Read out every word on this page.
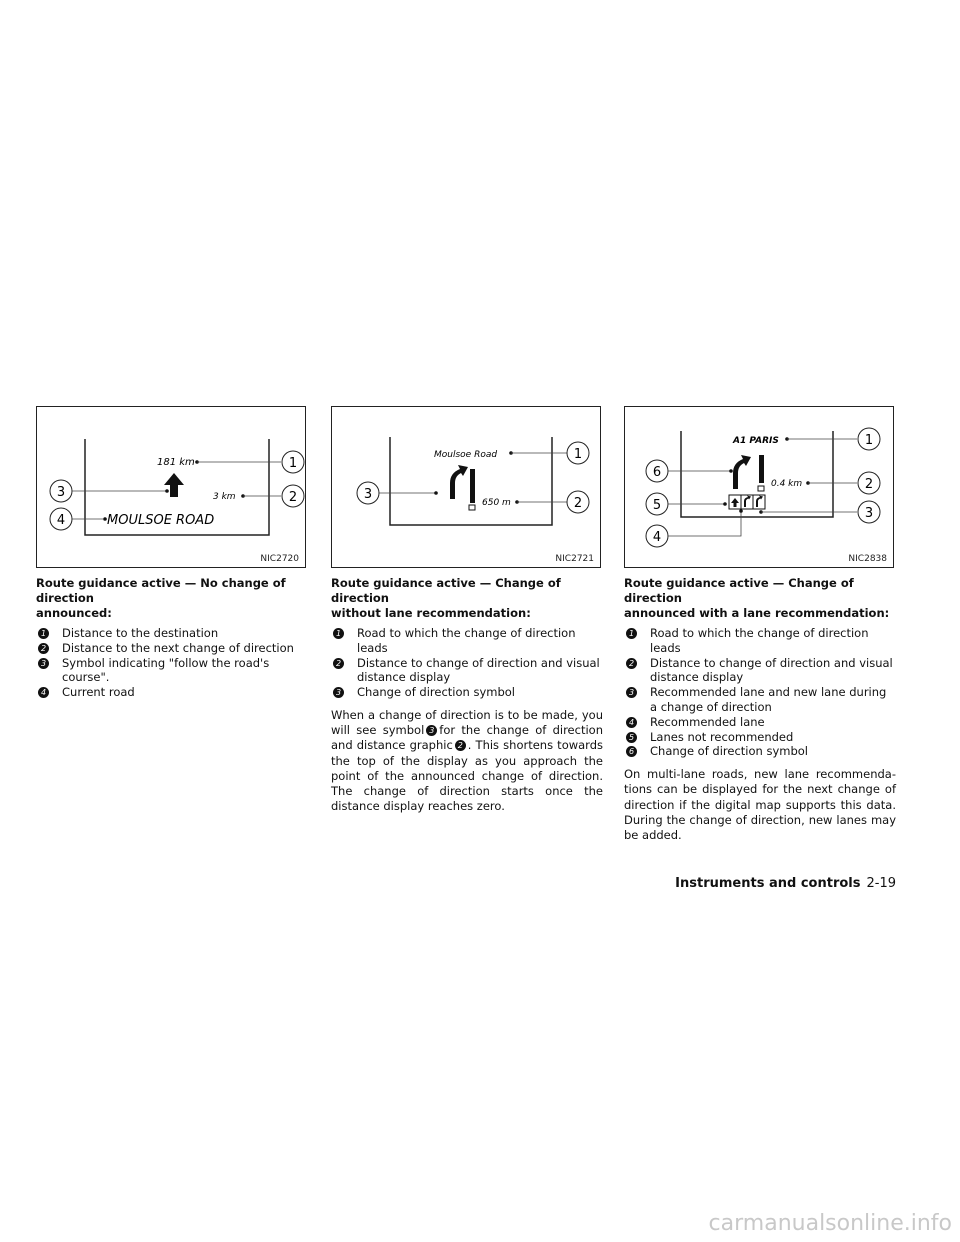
181 km	1
3 km	2
3
4	MOULSOE ROAD
NIC2720
Moulsoe Road	1
650 m	2
3
NIC2721
A1 PARIS	1
0.4 km	2
3
6
5
4
NIC2838
Route guidance active — No change of direction
announced:
1 Distance to the destination
2 Distance to the next change of direction
3 Symbol indicating "follow the road's course".
4 Current road
Route guidance active — Change of direction
without lane recommendation:
1 Road to which the change of direction leads
2 Distance to change of direction and visual distance display
3 Change of direction symbol

When a change of direction is to be made, you will see symbol 3 for the change of direction and distance graphic 2 . This shortens towards the top of the display as you approach the point of the announced change of direction. The change of direction starts once the distance display reaches zero.

Route guidance active — Change of direction
announced with a lane recommendation:
1 Road to which the change of direction leads
2 Distance to change of direction and visual distance display
3 Recommended lane and new lane during a change of direction
4 Recommended lane
5 Lanes not recommended
6 Change of direction symbol

On multi-lane roads, new lane recommenda-tions can be displayed for the next change of direction if the digital map supports this data. During the change of direction, new lanes may be added.

Instruments and controls 2-19
carmanualsonline.info
